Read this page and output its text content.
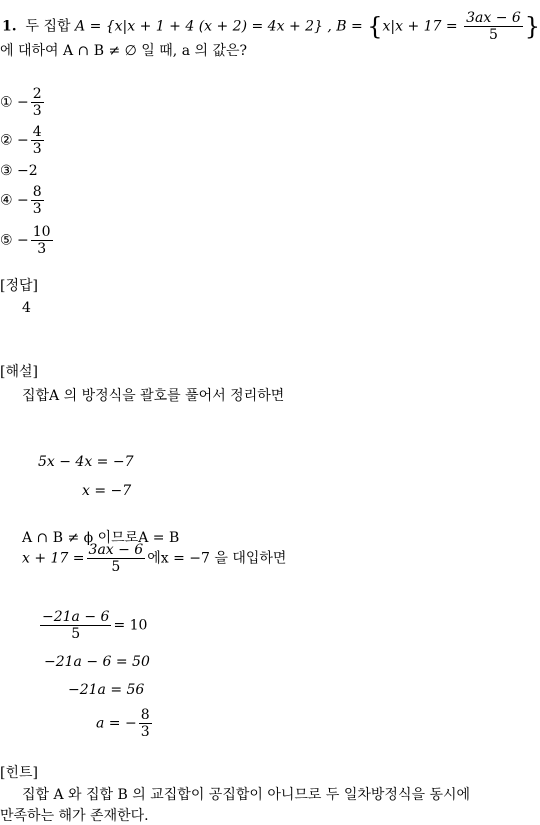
1. 두 집합 A = {x|x + 1 + 4 (x + 2) = 4x + 2} , $B = \{x|x + 17 = \frac{3ax - 6}{5}$ }
에 대하여 A ∩ B ≠ ∅ 일 때, a 의 값은?
① − $\frac{2}{3}$
② − $\frac{4}{3}$
③ −2
④ − $\frac{8}{3}$
⑤ − $\frac{10}{3}$
[정답]
4
[해설]
집합A 의 방정식을 괄호를 풀어서 정리하면
5x − 4x = −7
x = −7
A ∩ B ≠ ϕ 이므로A = B
$x + 17 = \frac{3ax - 6}{5}$ 에x = −7 을 대입하면
$\frac{-21a - 6}{5} = 10$
−21a − 6 = 50
−21a = 56
a = − $\frac{8}{3}$
[힌트]
집합 A 와 집합 B 의 교집합이 공집합이 아니므로 두 일차방정식을 동시에
만족하는 해가 존재한다.
